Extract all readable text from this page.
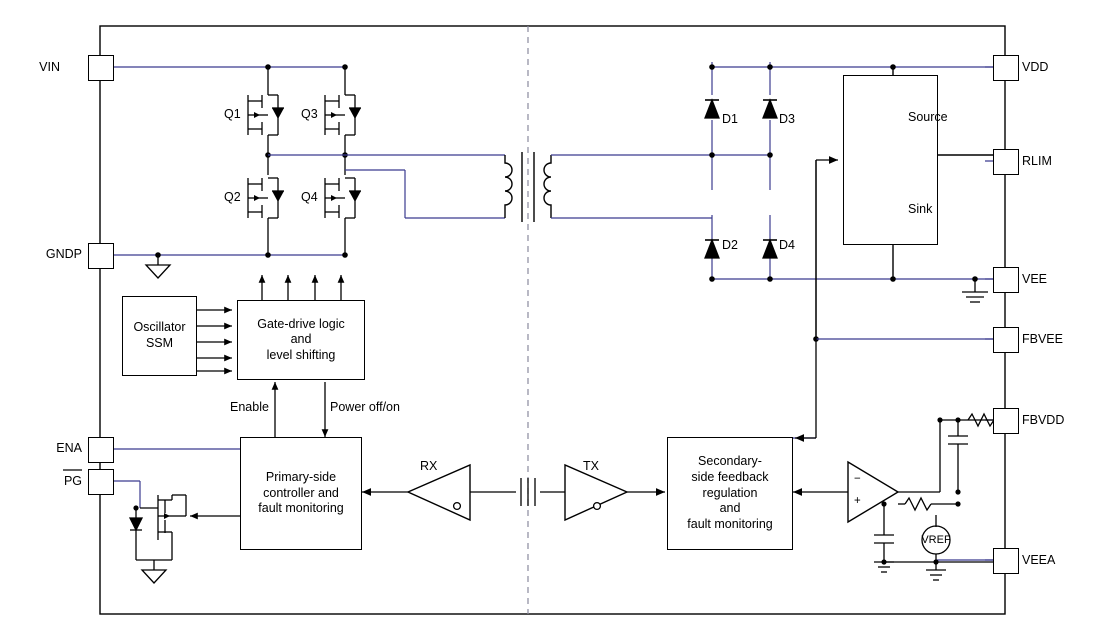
VIN
GNDP
ENA
PG
VDD
RLIM
VEE
FBVEE
FBVDD
VEEA
Q1
Q2
Q3
Q4
D1
D2
D3
D4
Source
Sink
Oscillator
SSM
Gate-drive logic
and
level shifting
Primary-side
controller and
fault monitoring
Secondary-
side feedback
regulation
and
fault monitoring
Enable	Power off/on
RX	TX
−
+
VREF
